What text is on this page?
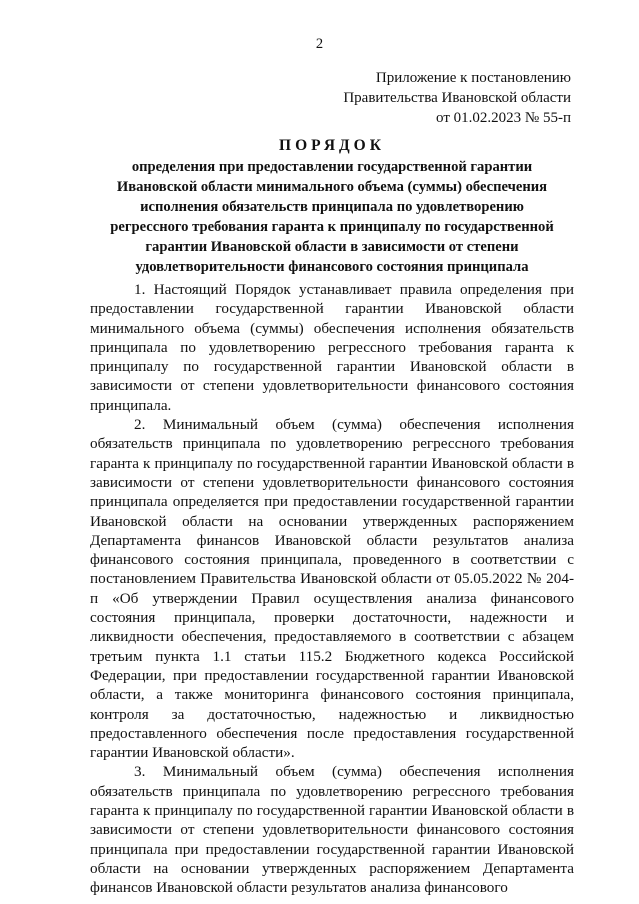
2
Приложение к постановлению
Правительства Ивановской области
от 01.02.2023 № 55-п
ПОРЯДОК
определения при предоставлении государственной гарантии
Ивановской области минимального объема (суммы) обеспечения
исполнения обязательств принципала по удовлетворению
регрессного требования гаранта к принципалу по государственной
гарантии Ивановской области в зависимости от степени
удовлетворительности финансового состояния принципала

1. Настоящий Порядок устанавливает правила определения при предоставлении государственной гарантии Ивановской области минимального объема (суммы) обеспечения исполнения обязательств принципала по удовлетворению регрессного требования гаранта к принципалу по государственной гарантии Ивановской области в зависимости от степени удовлетворительности финансового состояния принципала.

2. Минимальный объем (сумма) обеспечения исполнения обязательств принципала по удовлетворению регрессного требования гаранта к принципалу по государственной гарантии Ивановской области в зависимости от степени удовлетворительности финансового состояния принципала определяется при предоставлении государственной гарантии Ивановской области на основании утвержденных распоряжением Департамента финансов Ивановской области результатов анализа финансового состояния принципала, проведенного в соответствии с постановлением Правительства Ивановской области от 05.05.2022 № 204-п «Об утверждении Правил осуществления анализа финансового состояния принципала, проверки достаточности, надежности и ликвидности обеспечения, предоставляемого в соответствии с абзацем третьим пункта 1.1 статьи 115.2 Бюджетного кодекса Российской Федерации, при предоставлении государственной гарантии Ивановской области, а также мониторинга финансового состояния принципала, контроля за достаточностью, надежностью и ликвидностью предоставленного обеспечения после предоставления государственной гарантии Ивановской области».

3. Минимальный объем (сумма) обеспечения исполнения обязательств принципала по удовлетворению регрессного требования гаранта к принципалу по государственной гарантии Ивановской области в зависимости от степени удовлетворительности финансового состояния принципала при предоставлении государственной гарантии Ивановской области на основании утвержденных распоряжением Департамента финансов Ивановской области результатов анализа финансового
